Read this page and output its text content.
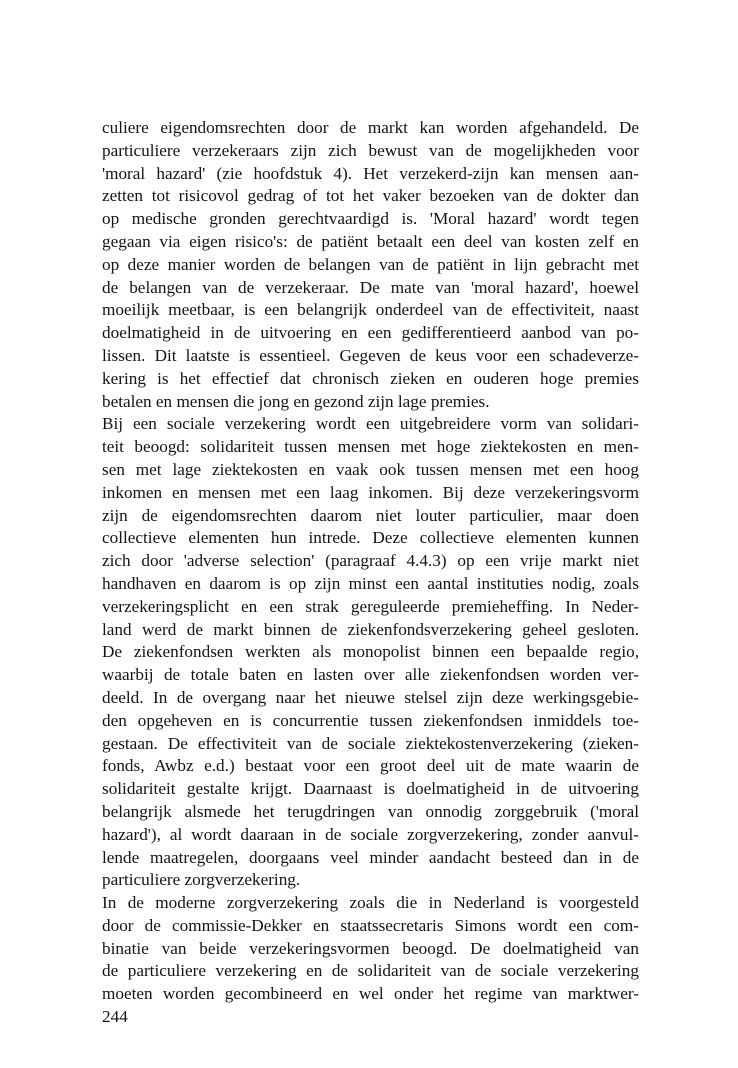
culiere eigendomsrechten door de markt kan worden afgehandeld. De
particuliere verzekeraars zijn zich bewust van de mogelijkheden voor
'moral hazard' (zie hoofdstuk 4). Het verzekerd-zijn kan mensen aan-
zetten tot risicovol gedrag of tot het vaker bezoeken van de dokter dan
op medische gronden gerechtvaardigd is. 'Moral hazard' wordt tegen
gegaan via eigen risico's: de patiënt betaalt een deel van kosten zelf en
op deze manier worden de belangen van de patiënt in lijn gebracht met
de belangen van de verzekeraar. De mate van 'moral hazard', hoewel
moeilijk meetbaar, is een belangrijk onderdeel van de effectiviteit, naast
doelmatigheid in de uitvoering en een gedifferentieerd aanbod van po-
lissen. Dit laatste is essentieel. Gegeven de keus voor een schadeverze-
kering is het effectief dat chronisch zieken en ouderen hoge premies
betalen en mensen die jong en gezond zijn lage premies.
Bij een sociale verzekering wordt een uitgebreidere vorm van solidari-
teit beoogd: solidariteit tussen mensen met hoge ziektekosten en men-
sen met lage ziektekosten en vaak ook tussen mensen met een hoog
inkomen en mensen met een laag inkomen. Bij deze verzekeringsvorm
zijn de eigendomsrechten daarom niet louter particulier, maar doen
collectieve elementen hun intrede. Deze collectieve elementen kunnen
zich door 'adverse selection' (paragraaf 4.4.3) op een vrije markt niet
handhaven en daarom is op zijn minst een aantal instituties nodig, zoals
verzekeringsplicht en een strak gereguleerde premieheffing. In Neder-
land werd de markt binnen de ziekenfondsverzekering geheel gesloten.
De ziekenfondsen werkten als monopolist binnen een bepaalde regio,
waarbij de totale baten en lasten over alle ziekenfondsen worden ver-
deeld. In de overgang naar het nieuwe stelsel zijn deze werkingsgebie-
den opgeheven en is concurrentie tussen ziekenfondsen inmiddels toe-
gestaan. De effectiviteit van de sociale ziektekostenverzekering (zieken-
fonds, Awbz e.d.) bestaat voor een groot deel uit de mate waarin de
solidariteit gestalte krijgt. Daarnaast is doelmatigheid in de uitvoering
belangrijk alsmede het terugdringen van onnodig zorggebruik ('moral
hazard'), al wordt daaraan in de sociale zorgverzekering, zonder aanvul-
lende maatregelen, doorgaans veel minder aandacht besteed dan in de
particuliere zorgverzekering.
In de moderne zorgverzekering zoals die in Nederland is voorgesteld
door de commissie-Dekker en staatssecretaris Simons wordt een com-
binatie van beide verzekeringsvormen beoogd. De doelmatigheid van
de particuliere verzekering en de solidariteit van de sociale verzekering
moeten worden gecombineerd en wel onder het regime van marktwer-
244
